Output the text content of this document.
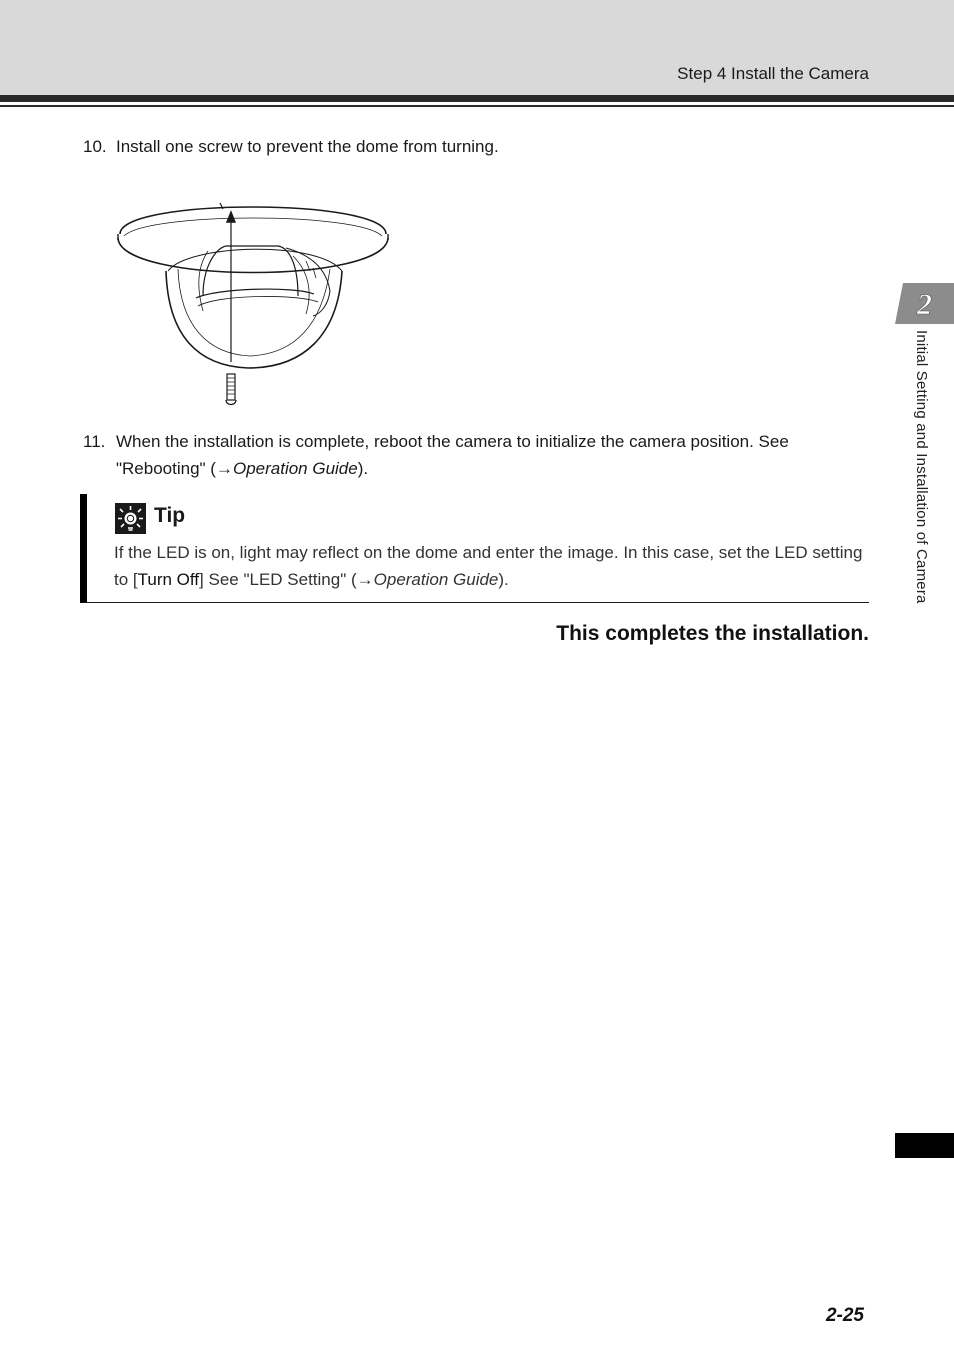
Step 4 Install the Camera
10. Install one screw to prevent the dome from turning.
11. When the installation is complete, reboot the camera to initialize the camera position. See "Rebooting" (→Operation Guide).
Tip
If the LED is on, light may reflect on the dome and enter the image. In this case, set the LED setting to [Turn Off] See "LED Setting" (→Operation Guide).
This completes the installation.
2
Initial Setting and Installation of Camera
2-25
